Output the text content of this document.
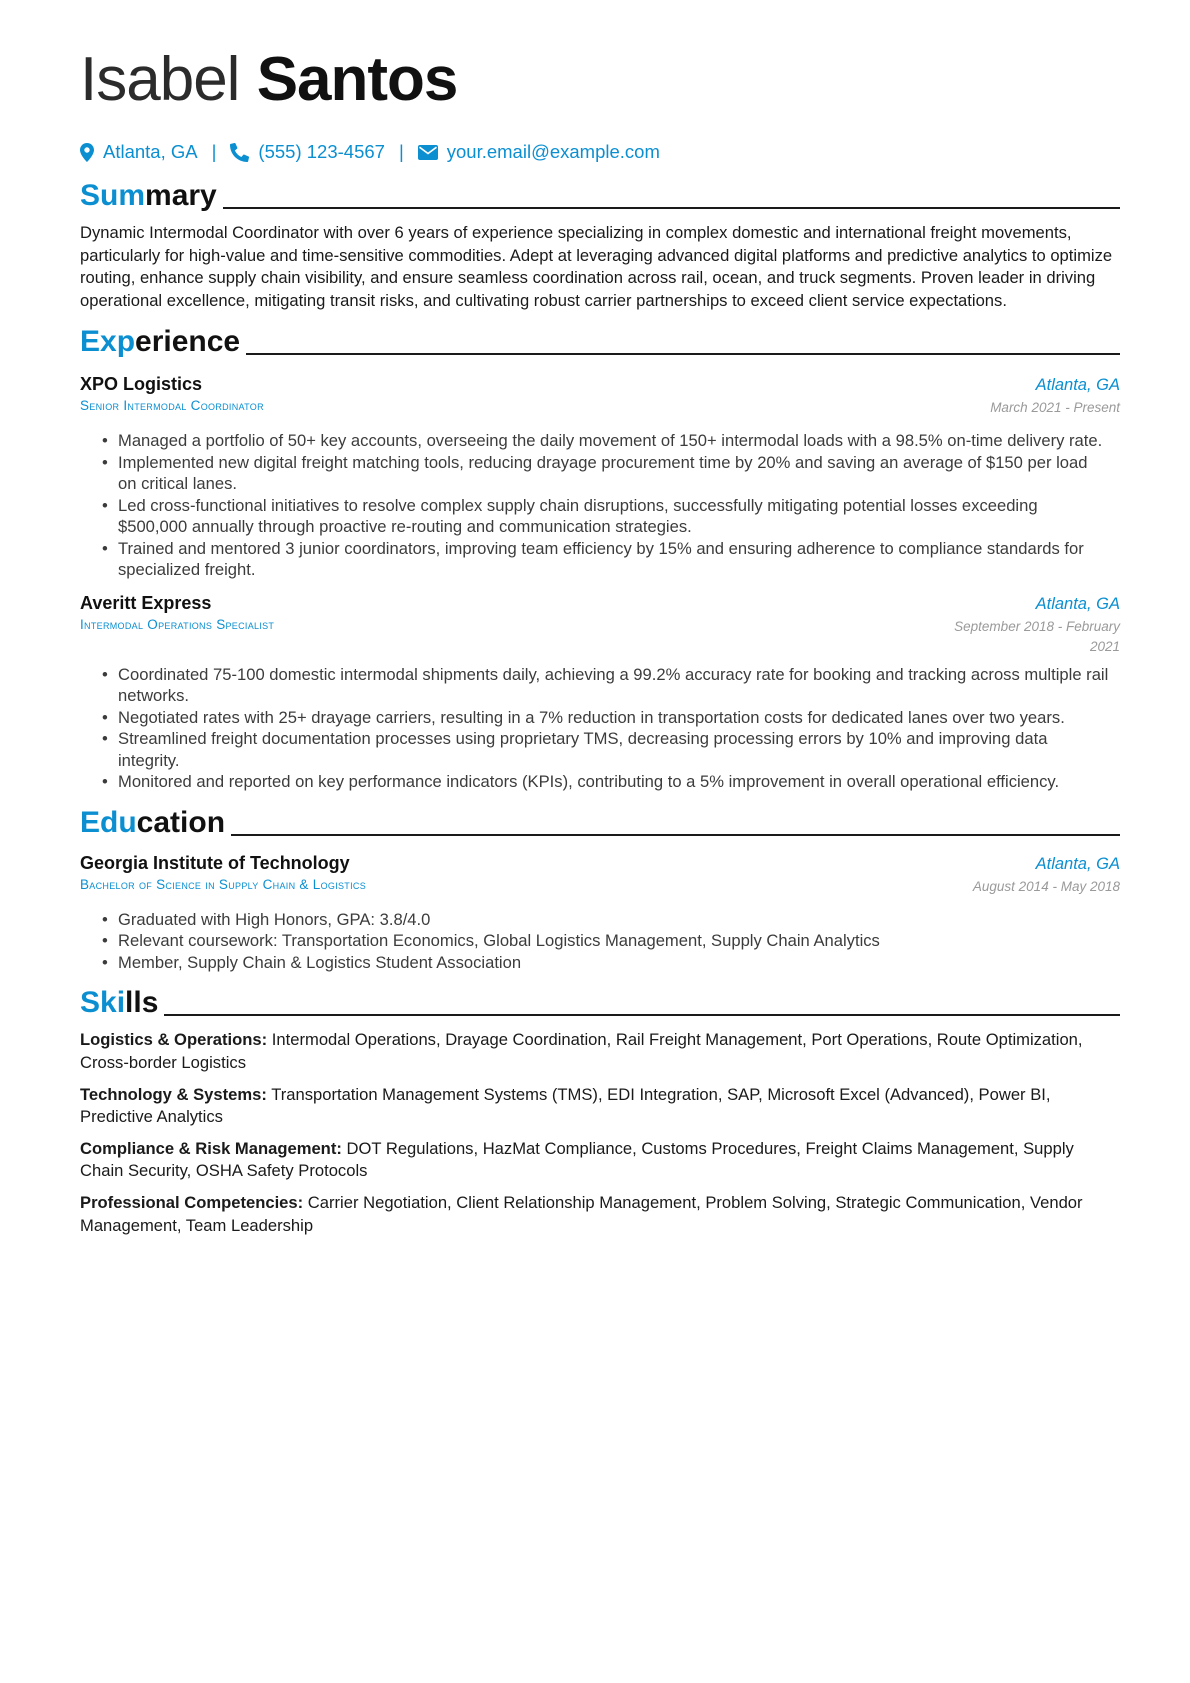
Isabel Santos
Atlanta, GA | (555) 123-4567 | your.email@example.com
Sum mary

Dynamic Intermodal Coordinator with over 6 years of experience specializing in complex domestic and international freight movements, particularly for high-value and time-sensitive commodities. Adept at leveraging advanced digital platforms and predictive analytics to optimize routing, enhance supply chain visibility, and ensure seamless coordination across rail, ocean, and truck segments. Proven leader in driving operational excellence, mitigating transit risks, and cultivating robust carrier partnerships to exceed client service expectations.

Exp erience
XPO Logistics	Atlanta, GA
Senior Intermodal Coordinator	March 2021 - Present
• Managed a portfolio of 50+ key accounts, overseeing the daily movement of 150+ intermodal loads with a 98.5% on-time delivery rate.
• Implemented new digital freight matching tools, reducing drayage procurement time by 20% and saving an average of $150 per load on critical lanes.
• Led cross-functional initiatives to resolve complex supply chain disruptions, successfully mitigating potential losses exceeding $500,000 annually through proactive re-routing and communication strategies.
• Trained and mentored 3 junior coordinators, improving team efficiency by 15% and ensuring adherence to compliance standards for specialized freight.
Averitt Express	Atlanta, GA
Intermodal Operations Specialist	September 2018 - February
2021
• Coordinated 75-100 domestic intermodal shipments daily, achieving a 99.2% accuracy rate for booking and tracking across multiple rail networks.
• Negotiated rates with 25+ drayage carriers, resulting in a 7% reduction in transportation costs for dedicated lanes over two years.
• Streamlined freight documentation processes using proprietary TMS, decreasing processing errors by 10% and improving data integrity.
• Monitored and reported on key performance indicators (KPIs), contributing to a 5% improvement in overall operational efficiency.
Edu cation
Georgia Institute of Technology	Atlanta, GA
Bachelor of Science in Supply Chain & Logistics	August 2014 - May 2018
• Graduated with High Honors, GPA: 3.8/4.0
• Relevant coursework: Transportation Economics, Global Logistics Management, Supply Chain Analytics
• Member, Supply Chain & Logistics Student Association
Ski lls

Logistics & Operations: Intermodal Operations, Drayage Coordination, Rail Freight Management, Port Operations, Route Optimization, Cross-border Logistics

Technology & Systems: Transportation Management Systems (TMS), EDI Integration, SAP, Microsoft Excel (Advanced), Power BI, Predictive Analytics

Compliance & Risk Management: DOT Regulations, HazMat Compliance, Customs Procedures, Freight Claims Management, Supply Chain Security, OSHA Safety Protocols

Professional Competencies: Carrier Negotiation, Client Relationship Management, Problem Solving, Strategic Communication, Vendor Management, Team Leadership
